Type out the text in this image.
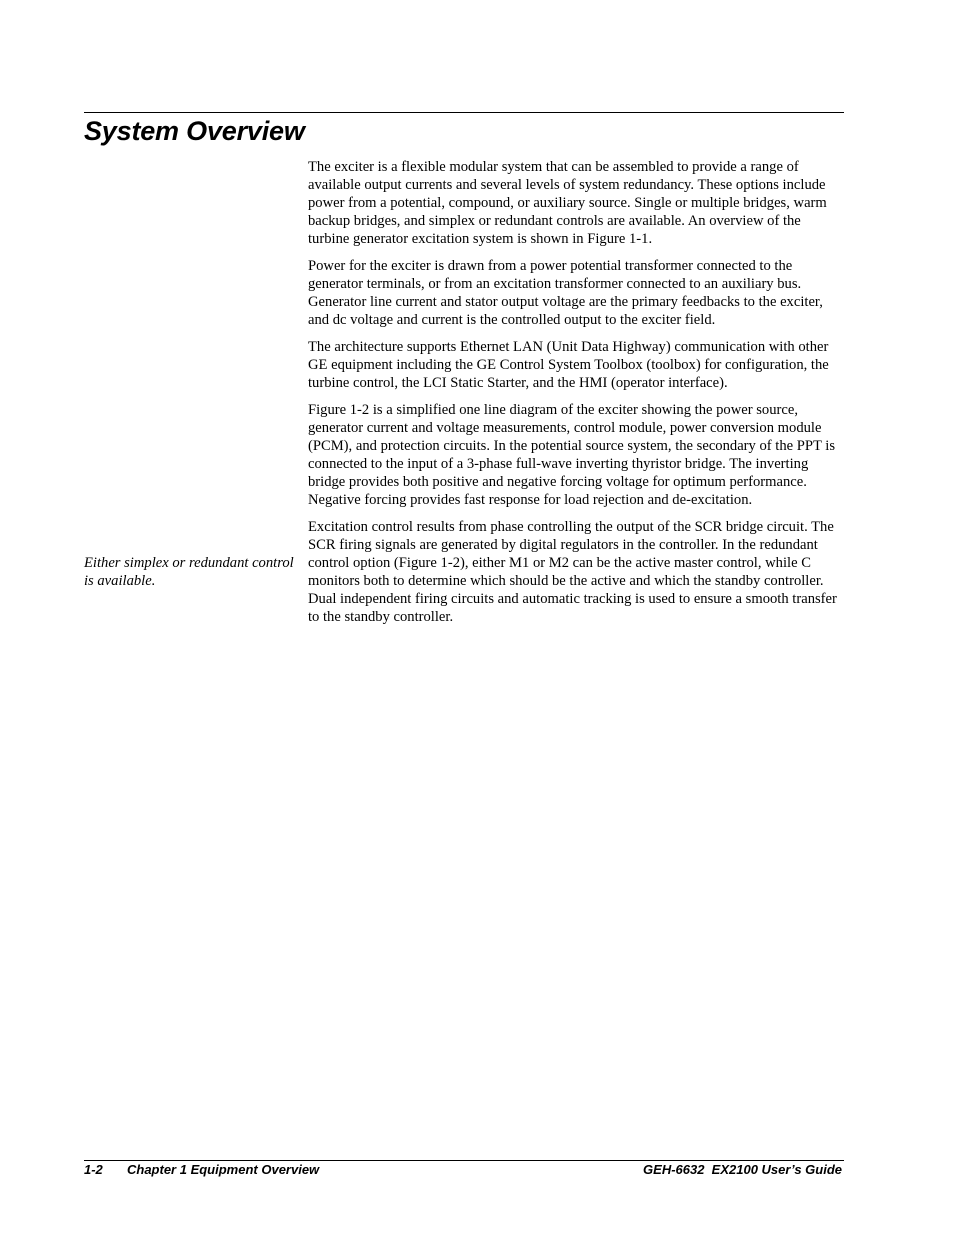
System Overview

The exciter is a flexible modular system that can be assembled to provide a range of available output currents and several levels of system redundancy. These options include power from a potential, compound, or auxiliary source. Single or multiple bridges, warm backup bridges, and simplex or redundant controls are available. An overview of the turbine generator excitation system is shown in Figure 1-1.

Power for the exciter is drawn from a power potential transformer connected to the generator terminals, or from an excitation transformer connected to an auxiliary bus. Generator line current and stator output voltage are the primary feedbacks to the exciter, and dc voltage and current is the controlled output to the exciter field.

The architecture supports Ethernet LAN (Unit Data Highway) communication with other GE equipment including the GE Control System Toolbox (toolbox) for configuration, the turbine control, the LCI Static Starter, and the HMI (operator interface).

Figure 1-2 is a simplified one line diagram of the exciter showing the power source, generator current and voltage measurements, control module, power conversion module (PCM), and protection circuits. In the potential source system, the secondary of the PPT is connected to the input of a 3-phase full-wave inverting thyristor bridge. The inverting bridge provides both positive and negative forcing voltage for optimum performance. Negative forcing provides fast response for load rejection and de-excitation.

Excitation control results from phase controlling the output of the SCR bridge circuit. The SCR firing signals are generated by digital regulators in the controller. In the redundant control option (Figure 1-2), either M1 or M2 can be the active master control, while C monitors both to determine which should be the active and which the standby controller. Dual independent firing circuits and automatic tracking is used to ensure a smooth transfer to the standby controller.

Either simplex or redundant control is available.

1-2 Chapter 1 Equipment Overview	GEH-6632  EX2100 User’s Guide
